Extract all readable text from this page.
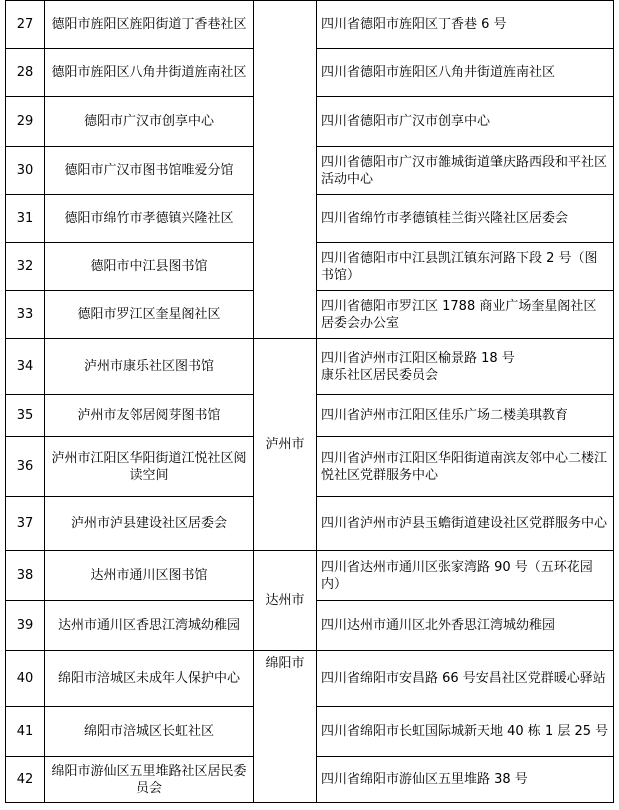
27	德阳市旌阳区旌阳街道丁香巷社区		四川省德阳市旌阳区丁香巷 6 号
28	德阳市旌阳区八角井街道旌南社区		四川省德阳市旌阳区八角井街道旌南社区
29	德阳市广汉市创享中心		四川省德阳市广汉市创享中心
30	德阳市广汉市图书馆唯爱分馆		四川省德阳市广汉市雒城街道肇庆路西段和平社区活动中心
31	德阳市绵竹市孝德镇兴隆社区		四川省绵竹市孝德镇桂兰街兴隆社区居委会
32	德阳市中江县图书馆		四川省德阳市中江县凯江镇东河路下段 2 号（图书馆）
33	德阳市罗江区奎星阁社区		四川省德阳市罗江区 1788 商业广场奎星阁社区居委会办公室
34	泸州市康乐社区图书馆	泸州市	四川省泸州市江阳区榆景路 18 号
康乐社区居民委员会
35	泸州市友邻居阅芽图书馆		四川省泸州市江阳区佳乐广场二楼美琪教育
36	泸州市江阳区华阳街道江悦社区阅读空间		四川省泸州市江阳区华阳街道南滨友邻中心二楼江悦社区党群服务中心
37	泸州市泸县建设社区居委会		四川省泸州市泸县玉蟾街道建设社区党群服务中心
38	达州市通川区图书馆	达州市	四川省达州市通川区张家湾路 90 号（五环花园内）
39	达州市通川区香思江湾城幼稚园		四川达州市通川区北外香思江湾城幼稚园
40	绵阳市涪城区未成年人保护中心	绵阳市	四川省绵阳市安昌路 66 号安昌社区党群暖心驿站
41	绵阳市涪城区长虹社区		四川省绵阳市长虹国际城新天地 40 栋 1 层 25 号
42	绵阳市游仙区五里堆路社区居民委员会		四川省绵阳市游仙区五里堆路 38 号
